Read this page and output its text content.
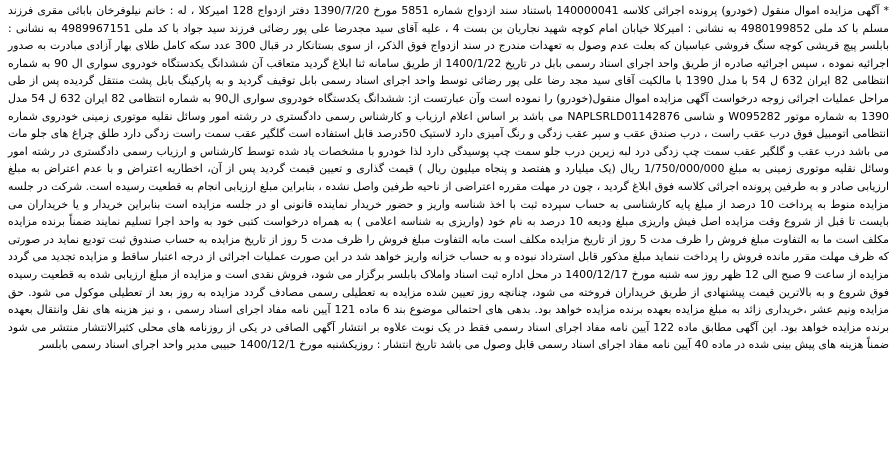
* آگهی مزایده اموال منقول (خودرو) پرونده اجرائی کلاسه 140000041 باستناد سند ازدواج شماره 5851 مورخ 1390/7/20 دفتر ازدواج 128 امیرکلا ، له : خانم نیلوفرخان بابائی مقری فرزند مسلم با کد ملی 4980199852 به نشانی : امیرکلا خیابان امام کوچه شهید نجاریان بن بست 4 ، علیه آقای سید مجدرضا علی پور رضائی فرزند سید جواد با کد ملی 4989967151 به نشانی : بابلسر پیچ قریشی کوچه سنگ فروشی عباسیان که بعلت عدم وصول به تعهدات مندرج در سند ازدواج فوق الذکر، از سوی بستانکار در قبال 300 عدد سکه کامل طلای بهار آزادی مبادرت به صدور اجرائیه نموده ، سپس اجرائیه صادره از طریق واحد اجرای اسناد رسمی بابل در تاریخ 1400/1/22 از طریق سامانه ثنا ابلاغ گردید متعاقب آن ششدانگ یکدستگاه خودروی سواری ال 90 به شماره انتظامی 82 ایران 632 ل 54 با مدل 1390 با مالکیت آقای سید مجد رضا علی پور رضائی توسط واحد اجرای اسناد رسمی بابل توقیف گردید و به پارکینگ بابل پشت منتقل گردیده پس از طی مراحل عملیات اجرائی زوجه درخواست آگهی مزایده اموال منقول(خودرو) را نموده است وآن عبارتست از: ششدانگ یکدستگاه خودروی سواری ال90 به شماره انتظامی 82 ایران 632 ل 54 مدل 1390 به شماره موتور W095282 و شاسی NAPLSRLD01142876 می باشد بر اساس اعلام ارزیاب و کارشناس رسمی دادگستری در رشته امور وسائل نقلیه موتوری زمینی خودروی شماره انتظامی اتومبیل فوق درب عقب راست ، درب صندق عقب و سپر عقب زدگی و رنگ آمیزی دارد لاستیک 50درصد قابل استفاده است گلگیر عقب سمت راست زدگی دارد طلق چراغ های جلو مات می باشد درب عقب و گلگیر عقب سمت چپ زدگی درد لبه زیرین درب جلو سمت چپ پوسیدگی دارد لذا خودرو با مشخصات یاد شده توسط کارشناس و ارزیاب رسمی دادگستری در رشته امور وسائل نقلیه موتوری زمینی به مبلغ 1/750/000/000 ریال (یک میلیارد و هفتصد و پنجاه میلیون ریال ) قیمت گذاری و تعیین قیمت گردید پس از آن، اخطاریه اعتراض و با عدم اعتراض به مبلغ ارزیابی صادر و به طرفین پرونده اجرائی کلاسه فوق ابلاغ گردید ، چون در مهلت مقرره اعتراضی از ناحیه طرفین واصل نشده ، بنابراین مبلغ ارزیابی انجام به قطعیت رسیده است. شرکت در جلسه مزایده منوط به پرداخت 10 درصد از مبلغ پایه کارشناسی به حساب سپرده ثبت با اخذ شناسه واریز و حضور خریدار نماینده قانونی او در جلسه مزایده است بنابراین خریدار و یا خریداران می بایست تا قبل از شروع وقت مزایده اصل فیش واریزی مبلغ ودیعه 10 درصد به نام خود (واریزی به شناسه اعلامی ) به همراه درخواست کتبی خود به واحد اجرا تسلیم نمایند ضمناً برنده مزایده مکلف است ما به التفاوت مبلغ فروش را ظرف مدت 5 روز از تاریخ مزایده مکلف است مابه التفاوت مبلغ فروش را ظرف مدت 5 روز از تاریخ مزایده به حساب صندوق ثبت تودیع نماید در صورتی که ظرف مهلت مقرر مانده فروش را پرداخت ننماید مبلغ مذکور قابل استرداد نبوده و به حساب خزانه واریز خواهد شد در این صورت عملیات اجرائی از درجه اعتبار ساقط و مزایده تجدید می گردد مزایده از ساعت 9 صبح الی 12 ظهر روز سه شنبه مورخ 1400/12/17 در محل اداره ثبت اسناد واملاک بابلسر برگزار می شود، فروش نقدی است و مزایده از مبلغ ارزیابی شده به قطعیت رسیده فوق شروع و به بالاترین قیمت پیشنهادی از طریق خریداران فروخته می شود، چنانچه روز تعیین شده مزایده به تعطیلی رسمی مصادف گردد مزایده به روز بعد از تعطیلی موکول می شود. حق مزایده ونیم عشر ،خریداری زائد به مبلغ مزایده بعهده برنده مزایده خواهد بود. بدهی های احتمالی موضوع بند 6 ماده 121 آیین نامه مفاد اجرای اسناد رسمی ، و نیز هزینه های نقل وانتقال بعهده برنده مزایده خواهد بود. این آگهی مطابق ماده 122 آیین نامه مفاد اجرای اسناد رسمی فقط در یک نوبت علاوه بر انتشار آگهی الصاقی در یکی از روزنامه های محلی کثیرالانتشار منتشر می شود ضمناً هزینه های پیش بینی شده در ماده 40 آیین نامه مفاد اجرای اسناد رسمی قابل وصول می باشد تاریخ انتشار : روزیکشنبه مورخ 1400/12/1 حبیبی مدیر واحد اجرای اسناد رسمی بابلسر
